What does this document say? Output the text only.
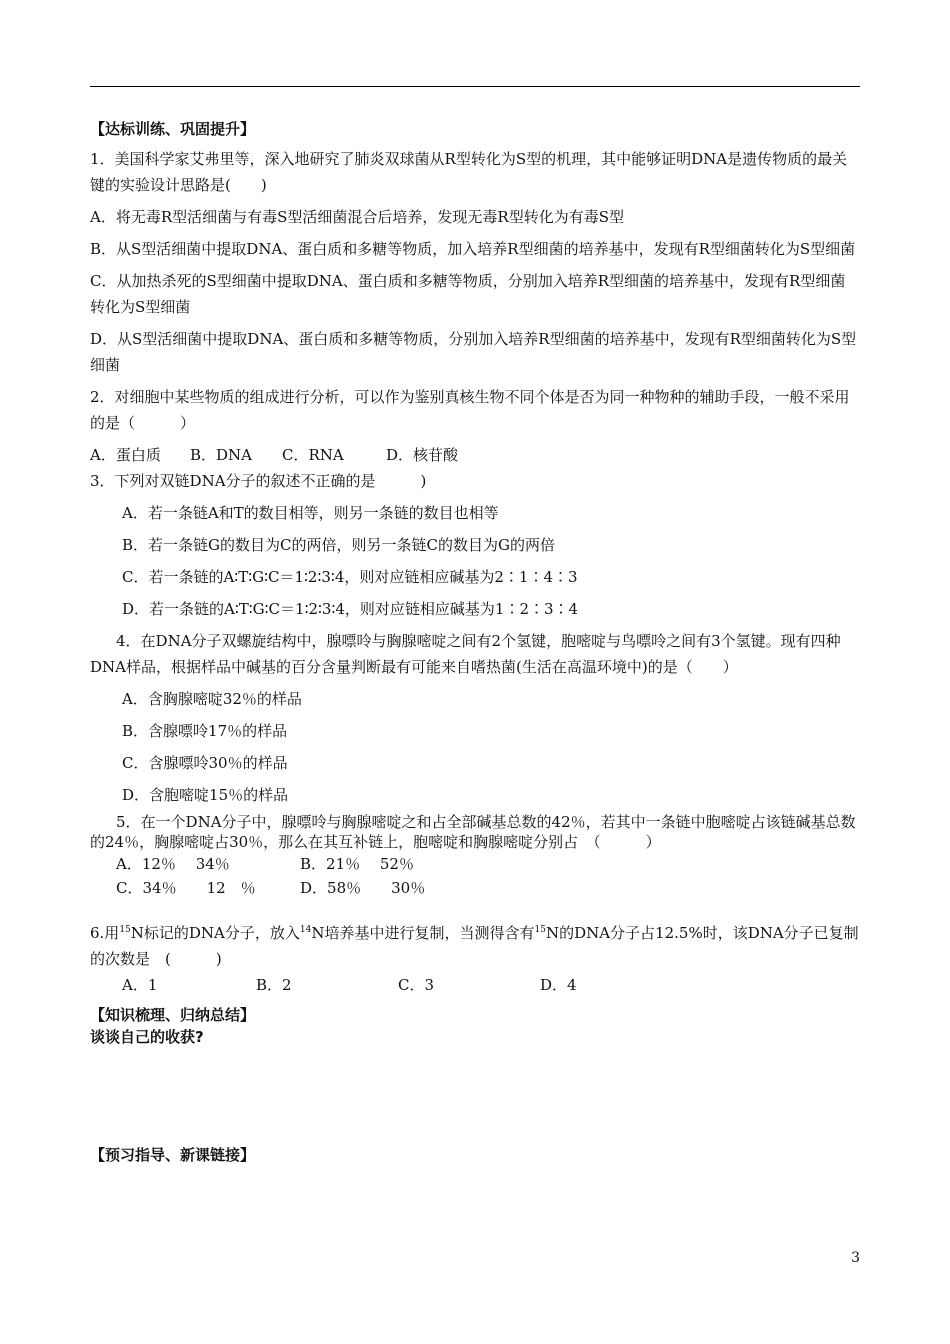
【达标训练、巩固提升】

1．美国科学家艾弗里等，深入地研究了肺炎双球菌从R型转化为S型的机理，其中能够证明DNA是遗传物质的最关键的实验设计思路是(　　)

A．将无毒R型活细菌与有毒S型活细菌混合后培养，发现无毒R型转化为有毒S型

B．从S型活细菌中提取DNA、蛋白质和多糖等物质，加入培养R型细菌的培养基中，发现有R型细菌转化为S型细菌

C．从加热杀死的S型细菌中提取DNA、蛋白质和多糖等物质，分别加入培养R型细菌的培养基中，发现有R型细菌转化为S型细菌

D．从S型活细菌中提取DNA、蛋白质和多糖等物质，分别加入培养R型细菌的培养基中，发现有R型细菌转化为S型细菌

2．对细胞中某些物质的组成进行分析，可以作为鉴别真核生物不同个体是否为同一种物种的辅助手段，一般不采用的是（　　　）

A．蛋白质	B．DNA	C．RNA	D．核苷酸

3．下列对双链DNA分子的叙述不正确的是　　　)

A．若一条链A和T的数目相等，则另一条链的数目也相等

B．若一条链G的数目为C的两倍，则另一条链C的数目为G的两倍

C．若一条链的A∶T∶G∶C＝1∶2∶3∶4，则对应链相应碱基为2∶1∶4∶3

D．若一条链的A∶T∶G∶C＝1∶2∶3∶4，则对应链相应碱基为1∶2∶3∶4

4．在DNA分子双螺旋结构中，腺嘌呤与胸腺嘧啶之间有2个氢键，胞嘧啶与鸟嘌呤之间有3个氢键。现有四种DNA样品，根据样品中碱基的百分含量判断最有可能来自嗜热菌(生活在高温环境中)的是（　　）

A．含胸腺嘧啶32％的样品

B．含腺嘌呤17％的样品

C．含腺嘌呤30％的样品

D．含胞嘧啶15％的样品

5．在一个DNA分子中，腺嘌呤与胸腺嘧啶之和占全部碱基总数的42％，若其中一条链中胞嘧啶占该链碱基总数的24％，胸腺嘧啶占30％，那么在其互补链上，胞嘧啶和胸腺嘧啶分别占　（　　　）

A．12％　 34％	B．21％　 52％
C．34％　　12　％	D．58％　　30％

6.用$^{15}$N标记的DNA分子，放入$^{14}$N培养基中进行复制，当测得含有$^{15}$N的DNA分子占12.5%时，该DNA分子已复制的次数是　(　　　)

A．1	B．2	C．3	D．4
【知识梳理、归纳总结】
谈谈自己的收获?
【预习指导、新课链接】
3
